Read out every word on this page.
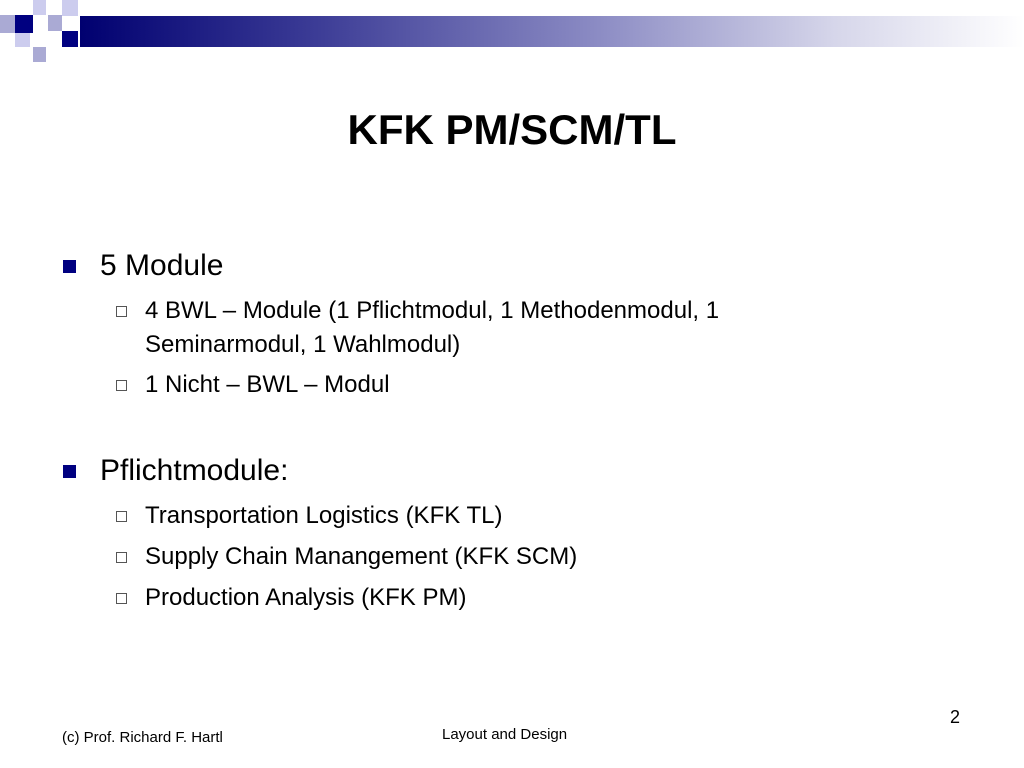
KFK PM/SCM/TL
5 Module
4 BWL – Module (1 Pflichtmodul, 1 Methodenmodul, 1 Seminarmodul, 1 Wahlmodul)
1 Nicht – BWL – Modul
Pflichtmodule:
Transportation Logistics (KFK TL)
Supply Chain Manangement (KFK SCM)
Production Analysis (KFK PM)
(c) Prof. Richard F. Hartl	Layout and Design
2
